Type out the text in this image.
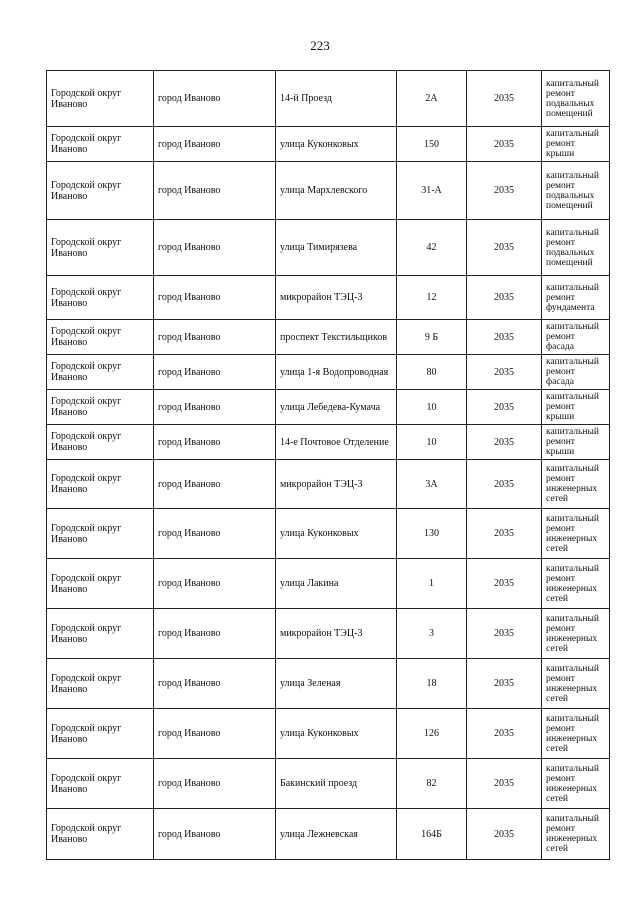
223
Городской округ Иваново	город Иваново	14-й Проезд	2А	2035	капитальный ремонт подвальных помещений
Городской округ Иваново	город Иваново	улица Куконковых	150	2035	капитальный ремонт крыши
Городской округ Иваново	город Иваново	улица Мархлевского	31-А	2035	капитальный ремонт подвальных помещений
Городской округ Иваново	город Иваново	улица Тимирязева	42	2035	капитальный ремонт подвальных помещений
Городской округ Иваново	город Иваново	микрорайон ТЭЦ-3	12	2035	капитальный ремонт фундамента
Городской округ Иваново	город Иваново	проспект Текстильщиков	9 Б	2035	капитальный ремонт фасада
Городской округ Иваново	город Иваново	улица 1-я Водопроводная	80	2035	капитальный ремонт фасада
Городской округ Иваново	город Иваново	улица Лебедева-Кумача	10	2035	капитальный ремонт крыши
Городской округ Иваново	город Иваново	14-е Почтовое Отделение	10	2035	капитальный ремонт крыши
Городской округ Иваново	город Иваново	микрорайон ТЭЦ-3	3А	2035	капитальный ремонт инженерных сетей
Городской округ Иваново	город Иваново	улица Куконковых	130	2035	капитальный ремонт инженерных сетей
Городской округ Иваново	город Иваново	улица Лакина	1	2035	капитальный ремонт инженерных сетей
Городской округ Иваново	город Иваново	микрорайон ТЭЦ-3	3	2035	капитальный ремонт инженерных сетей
Городской округ Иваново	город Иваново	улица Зеленая	18	2035	капитальный ремонт инженерных сетей
Городской округ Иваново	город Иваново	улица Куконковых	126	2035	капитальный ремонт инженерных сетей
Городской округ Иваново	город Иваново	Бакинский проезд	82	2035	капитальный ремонт инженерных сетей
Городской округ Иваново	город Иваново	улица Лежневская	164Б	2035	капитальный ремонт инженерных сетей
